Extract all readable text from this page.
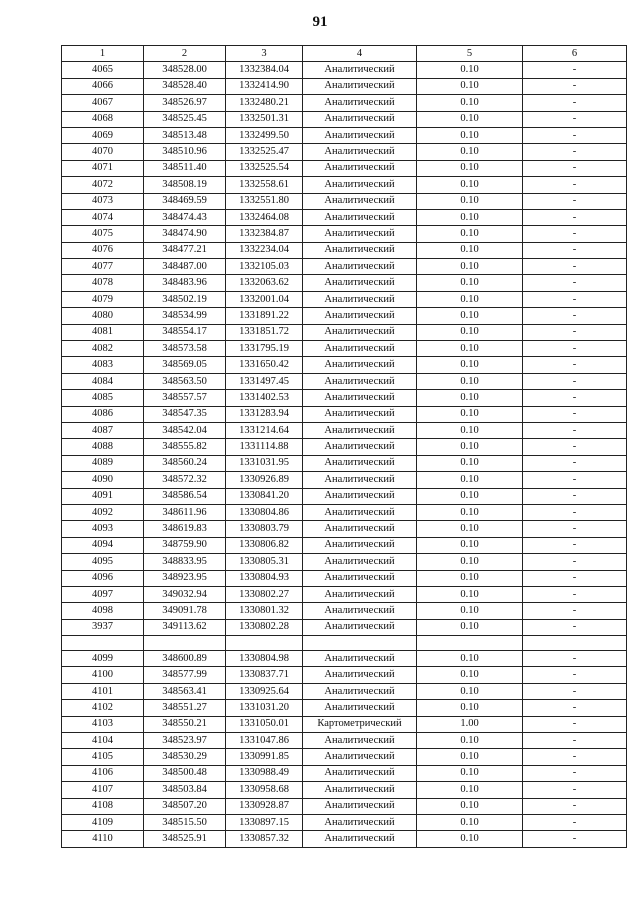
91
1	2	3	4	5	6
4065	348528.00	1332384.04	Аналитический	0.10	-
4066	348528.40	1332414.90	Аналитический	0.10	-
4067	348526.97	1332480.21	Аналитический	0.10	-
4068	348525.45	1332501.31	Аналитический	0.10	-
4069	348513.48	1332499.50	Аналитический	0.10	-
4070	348510.96	1332525.47	Аналитический	0.10	-
4071	348511.40	1332525.54	Аналитический	0.10	-
4072	348508.19	1332558.61	Аналитический	0.10	-
4073	348469.59	1332551.80	Аналитический	0.10	-
4074	348474.43	1332464.08	Аналитический	0.10	-
4075	348474.90	1332384.87	Аналитический	0.10	-
4076	348477.21	1332234.04	Аналитический	0.10	-
4077	348487.00	1332105.03	Аналитический	0.10	-
4078	348483.96	1332063.62	Аналитический	0.10	-
4079	348502.19	1332001.04	Аналитический	0.10	-
4080	348534.99	1331891.22	Аналитический	0.10	-
4081	348554.17	1331851.72	Аналитический	0.10	-
4082	348573.58	1331795.19	Аналитический	0.10	-
4083	348569.05	1331650.42	Аналитический	0.10	-
4084	348563.50	1331497.45	Аналитический	0.10	-
4085	348557.57	1331402.53	Аналитический	0.10	-
4086	348547.35	1331283.94	Аналитический	0.10	-
4087	348542.04	1331214.64	Аналитический	0.10	-
4088	348555.82	1331114.88	Аналитический	0.10	-
4089	348560.24	1331031.95	Аналитический	0.10	-
4090	348572.32	1330926.89	Аналитический	0.10	-
4091	348586.54	1330841.20	Аналитический	0.10	-
4092	348611.96	1330804.86	Аналитический	0.10	-
4093	348619.83	1330803.79	Аналитический	0.10	-
4094	348759.90	1330806.82	Аналитический	0.10	-
4095	348833.95	1330805.31	Аналитический	0.10	-
4096	348923.95	1330804.93	Аналитический	0.10	-
4097	349032.94	1330802.27	Аналитический	0.10	-
4098	349091.78	1330801.32	Аналитический	0.10	-
3937	349113.62	1330802.28	Аналитический	0.10	-

4099	348600.89	1330804.98	Аналитический	0.10	-
4100	348577.99	1330837.71	Аналитический	0.10	-
4101	348563.41	1330925.64	Аналитический	0.10	-
4102	348551.27	1331031.20	Аналитический	0.10	-
4103	348550.21	1331050.01	Картометрический	1.00	-
4104	348523.97	1331047.86	Аналитический	0.10	-
4105	348530.29	1330991.85	Аналитический	0.10	-
4106	348500.48	1330988.49	Аналитический	0.10	-
4107	348503.84	1330958.68	Аналитический	0.10	-
4108	348507.20	1330928.87	Аналитический	0.10	-
4109	348515.50	1330897.15	Аналитический	0.10	-
4110	348525.91	1330857.32	Аналитический	0.10	-
